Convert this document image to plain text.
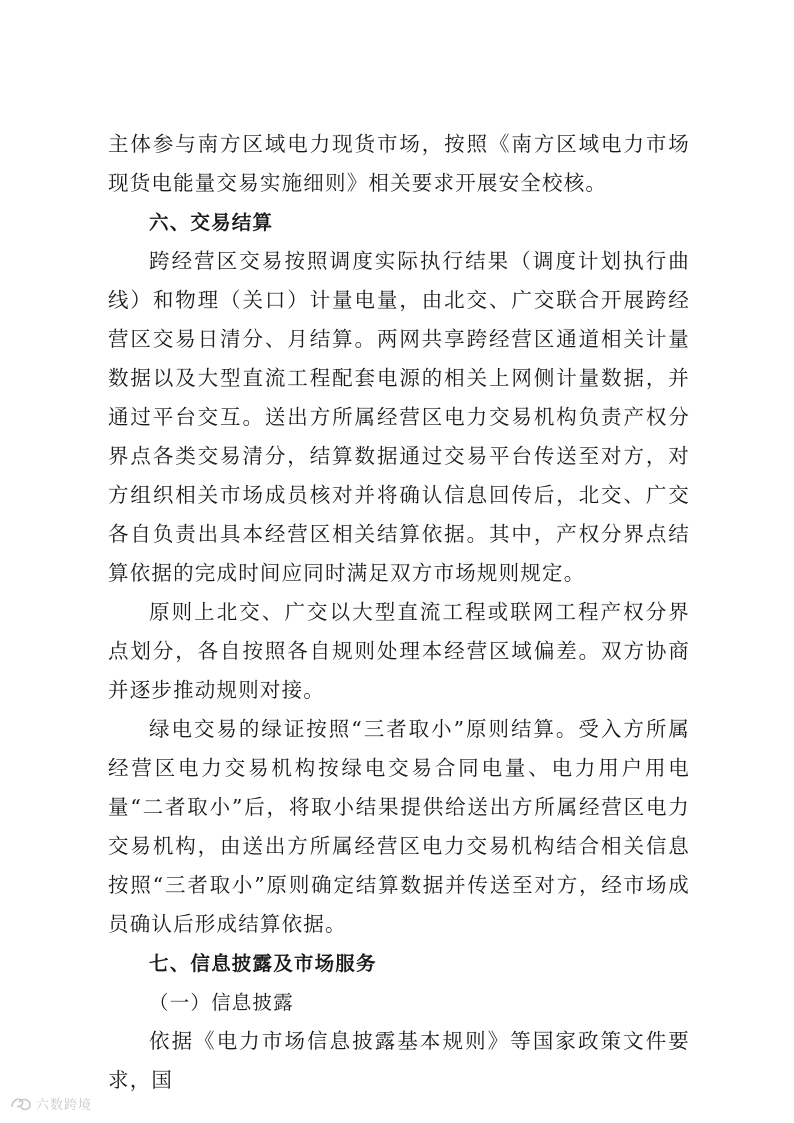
主体参与南方区域电力现货市场，按照《南方区域电力市场现货电能量交易实施细则》相关要求开展安全校核。

六、交易结算

跨经营区交易按照调度实际执行结果（调度计划执行曲线）和物理（关口）计量电量，由北交、广交联合开展跨经营区交易日清分、月结算。两网共享跨经营区通道相关计量数据以及大型直流工程配套电源的相关上网侧计量数据，并通过平台交互。送出方所属经营区电力交易机构负责产权分界点各类交易清分，结算数据通过交易平台传送至对方，对方组织相关市场成员核对并将确认信息回传后，北交、广交各自负责出具本经营区相关结算依据。其中，产权分界点结算依据的完成时间应同时满足双方市场规则规定。

原则上北交、广交以大型直流工程或联网工程产权分界点划分，各自按照各自规则处理本经营区域偏差。双方协商并逐步推动规则对接。

绿电交易的绿证按照“三者取小”原则结算。受入方所属经营区电力交易机构按绿电交易合同电量、电力用户用电量“二者取小”后，将取小结果提供给送出方所属经营区电力交易机构，由送出方所属经营区电力交易机构结合相关信息按照“三者取小”原则确定结算数据并传送至对方，经市场成员确认后形成结算依据。

七、信息披露及市场服务

（一）信息披露

依据《电力市场信息披露基本规则》等国家政策文件要求，国

六数跨境
